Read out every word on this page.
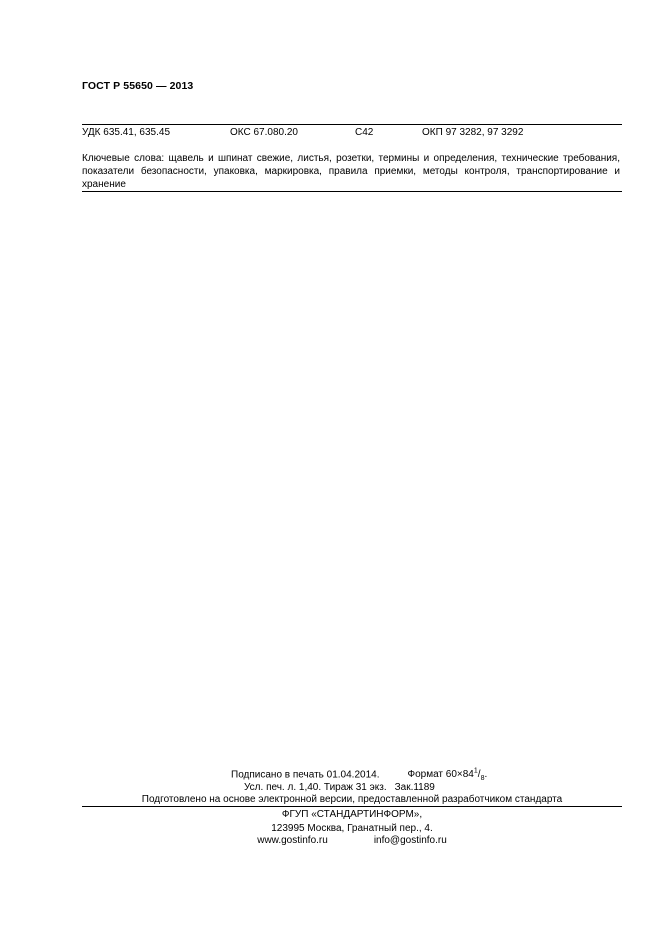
ГОСТ Р 55650 — 2013
УДК 635.41, 635.45	ОКС 67.080.20	С42	ОКП 97 3282, 97 3292
Ключевые слова: щавель и шпинат свежие, листья, розетки, термины и определения, технические требования, показатели безопасности, упаковка, маркировка, правила приемки, методы контроля, транспортирование и хранение
Подписано в печать 01.04.2014.	Формат $60\times 84^1/_8$.
Усл. печ. л. 1,40. Тираж 31 экз. Зак.1189
Подготовлено на основе электронной версии, предоставленной разработчиком стандарта
ФГУП «СТАНДАРТИНФОРМ»,
123995 Москва, Гранатный пер., 4.
www.gostinfo.ru	info@gostinfo.ru
